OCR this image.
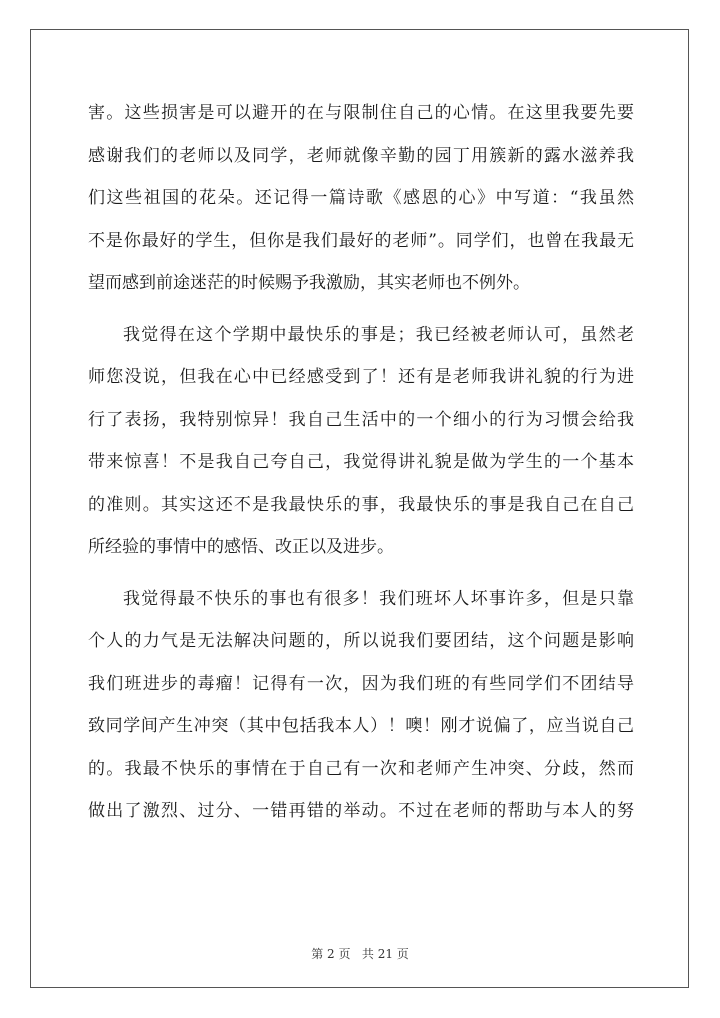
害。这些损害是可以避开的在与限制住自己的心情。在这里我要先要
感谢我们的老师以及同学，老师就像辛勤的园丁用簇新的露水滋养我
们这些祖国的花朵。还记得一篇诗歌《感恩的心》中写道：“我虽然
不是你最好的学生，但你是我们最好的老师”。同学们，也曾在我最无
望而感到前途迷茫的时候赐予我激励，其实老师也不例外。
我觉得在这个学期中最快乐的事是；我已经被老师认可，虽然老
师您没说，但我在心中已经感受到了！还有是老师我讲礼貌的行为进
行了表扬，我特别惊异！我自己生活中的一个细小的行为习惯会给我
带来惊喜！不是我自己夸自己，我觉得讲礼貌是做为学生的一个基本
的准则。其实这还不是我最快乐的事，我最快乐的事是我自己在自己
所经验的事情中的感悟、改正以及进步。
我觉得最不快乐的事也有很多！我们班坏人坏事许多，但是只靠
个人的力气是无法解决问题的，所以说我们要团结，这个问题是影响
我们班进步的毒瘤！记得有一次，因为我们班的有些同学们不团结导
致同学间产生冲突（其中包括我本人）！噢！刚才说偏了，应当说自己
的。我最不快乐的事情在于自己有一次和老师产生冲突、分歧，然而
做出了激烈、过分、一错再错的举动。不过在老师的帮助与本人的努
第 2 页 共 21 页
